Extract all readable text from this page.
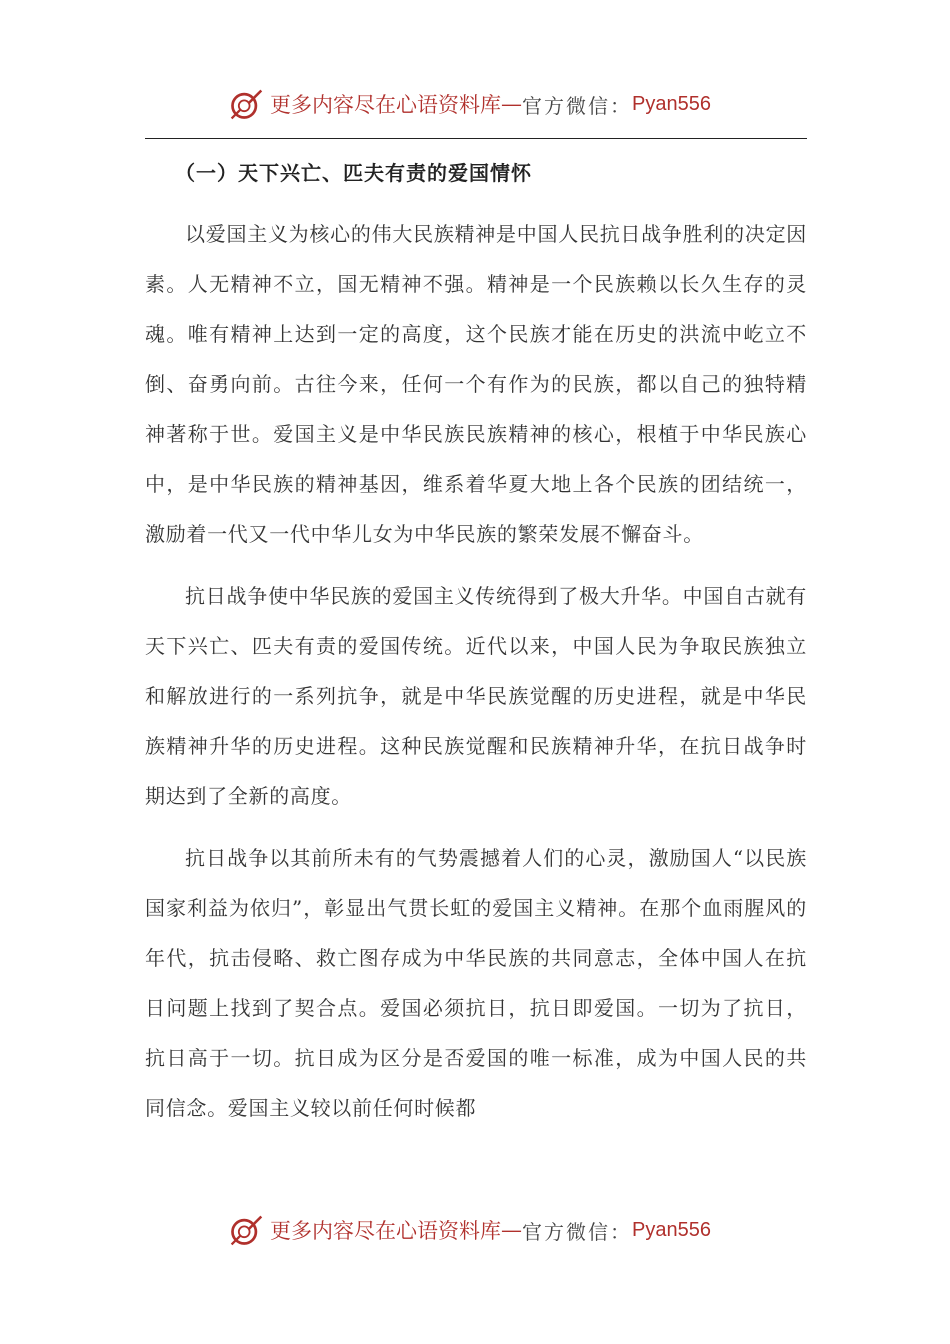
更多内容尽在心语资料库 — 官方微信： Pyan556
（一）天下兴亡、匹夫有责的爱国情怀

以爱国主义为核心的伟大民族精神是中国人民抗日战争胜利的决定因素。人无精神不立，国无精神不强。精神是一个民族赖以长久生存的灵魂。唯有精神上达到一定的高度，这个民族才能在历史的洪流中屹立不倒、奋勇向前。古往今来，任何一个有作为的民族，都以自己的独特精神著称于世。爱国主义是中华民族民族精神的核心，根植于中华民族心中，是中华民族的精神基因，维系着华夏大地上各个民族的团结统一，激励着一代又一代中华儿女为中华民族的繁荣发展不懈奋斗。

抗日战争使中华民族的爱国主义传统得到了极大升华。中国自古就有天下兴亡、匹夫有责的爱国传统。近代以来，中国人民为争取民族独立和解放进行的一系列抗争，就是中华民族觉醒的历史进程，就是中华民族精神升华的历史进程。这种民族觉醒和民族精神升华，在抗日战争时期达到了全新的高度。

抗日战争以其前所未有的气势震撼着人们的心灵，激励国人“以民族国家利益为依归”，彰显出气贯长虹的爱国主义精神。在那个血雨腥风的年代，抗击侵略、救亡图存成为中华民族的共同意志，全体中国人在抗日问题上找到了契合点。爱国必须抗日，抗日即爱国。一切为了抗日，抗日高于一切。抗日成为区分是否爱国的唯一标准，成为中国人民的共同信念。爱国主义较以前任何时候都

更多内容尽在心语资料库 — 官方微信： Pyan556
